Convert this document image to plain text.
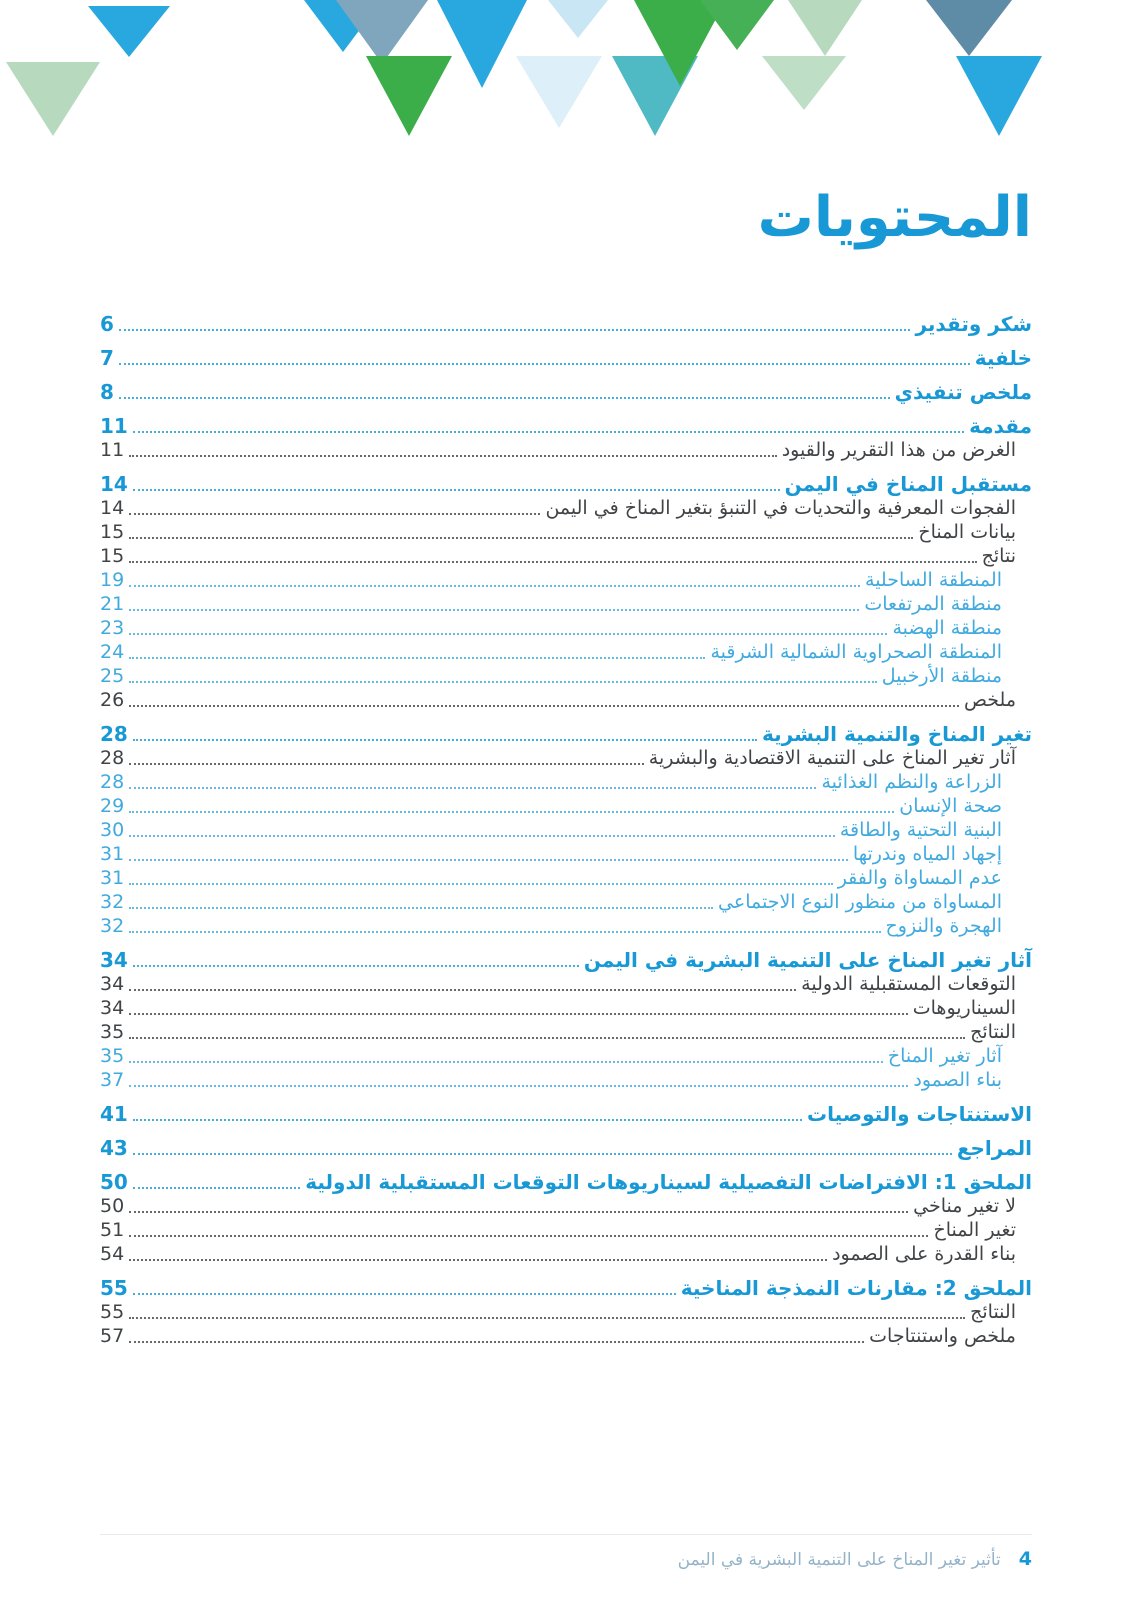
المحتويات
شكر وتقدير
6
خلفية
7
ملخص تنفيذي
8
مقدمة
11
الغرض من هذا التقرير والقيود
11
مستقبل المناخ في اليمن
14
الفجوات المعرفية والتحديات في التنبؤ بتغير المناخ في اليمن
14
بيانات المناخ
15
نتائج
15
المنطقة الساحلية
19
منطقة المرتفعات
21
منطقة الهضبة
23
المنطقة الصحراوية الشمالية الشرقية
24
منطقة الأرخبيل
25
ملخص
26
تغير المناخ والتنمية البشرية
28
آثار تغير المناخ على التنمية الاقتصادية والبشرية
28
الزراعة والنظم الغذائية
28
صحة الإنسان
29
البنية التحتية والطاقة
30
إجهاد المياه وندرتها
31
عدم المساواة والفقر
31
المساواة من منظور النوع الاجتماعي
32
الهجرة والنزوح
32
آثار تغير المناخ على التنمية البشرية في اليمن
34
التوقعات المستقبلية الدولية
34
السيناريوهات
34
النتائج
35
آثار تغير المناخ
35
بناء الصمود
37
الاستنتاجات والتوصيات
41
المراجع
43
الملحق 1: الافتراضات التفصيلية لسيناريوهات التوقعات المستقبلية الدولية
50
لا تغير مناخي
50
تغير المناخ
51
بناء القدرة على الصمود
54
الملحق 2: مقارنات النمذجة المناخية
55
النتائج
55
ملخص واستنتاجات
57
4
تأثير تغير المناخ على التنمية البشرية في اليمن
